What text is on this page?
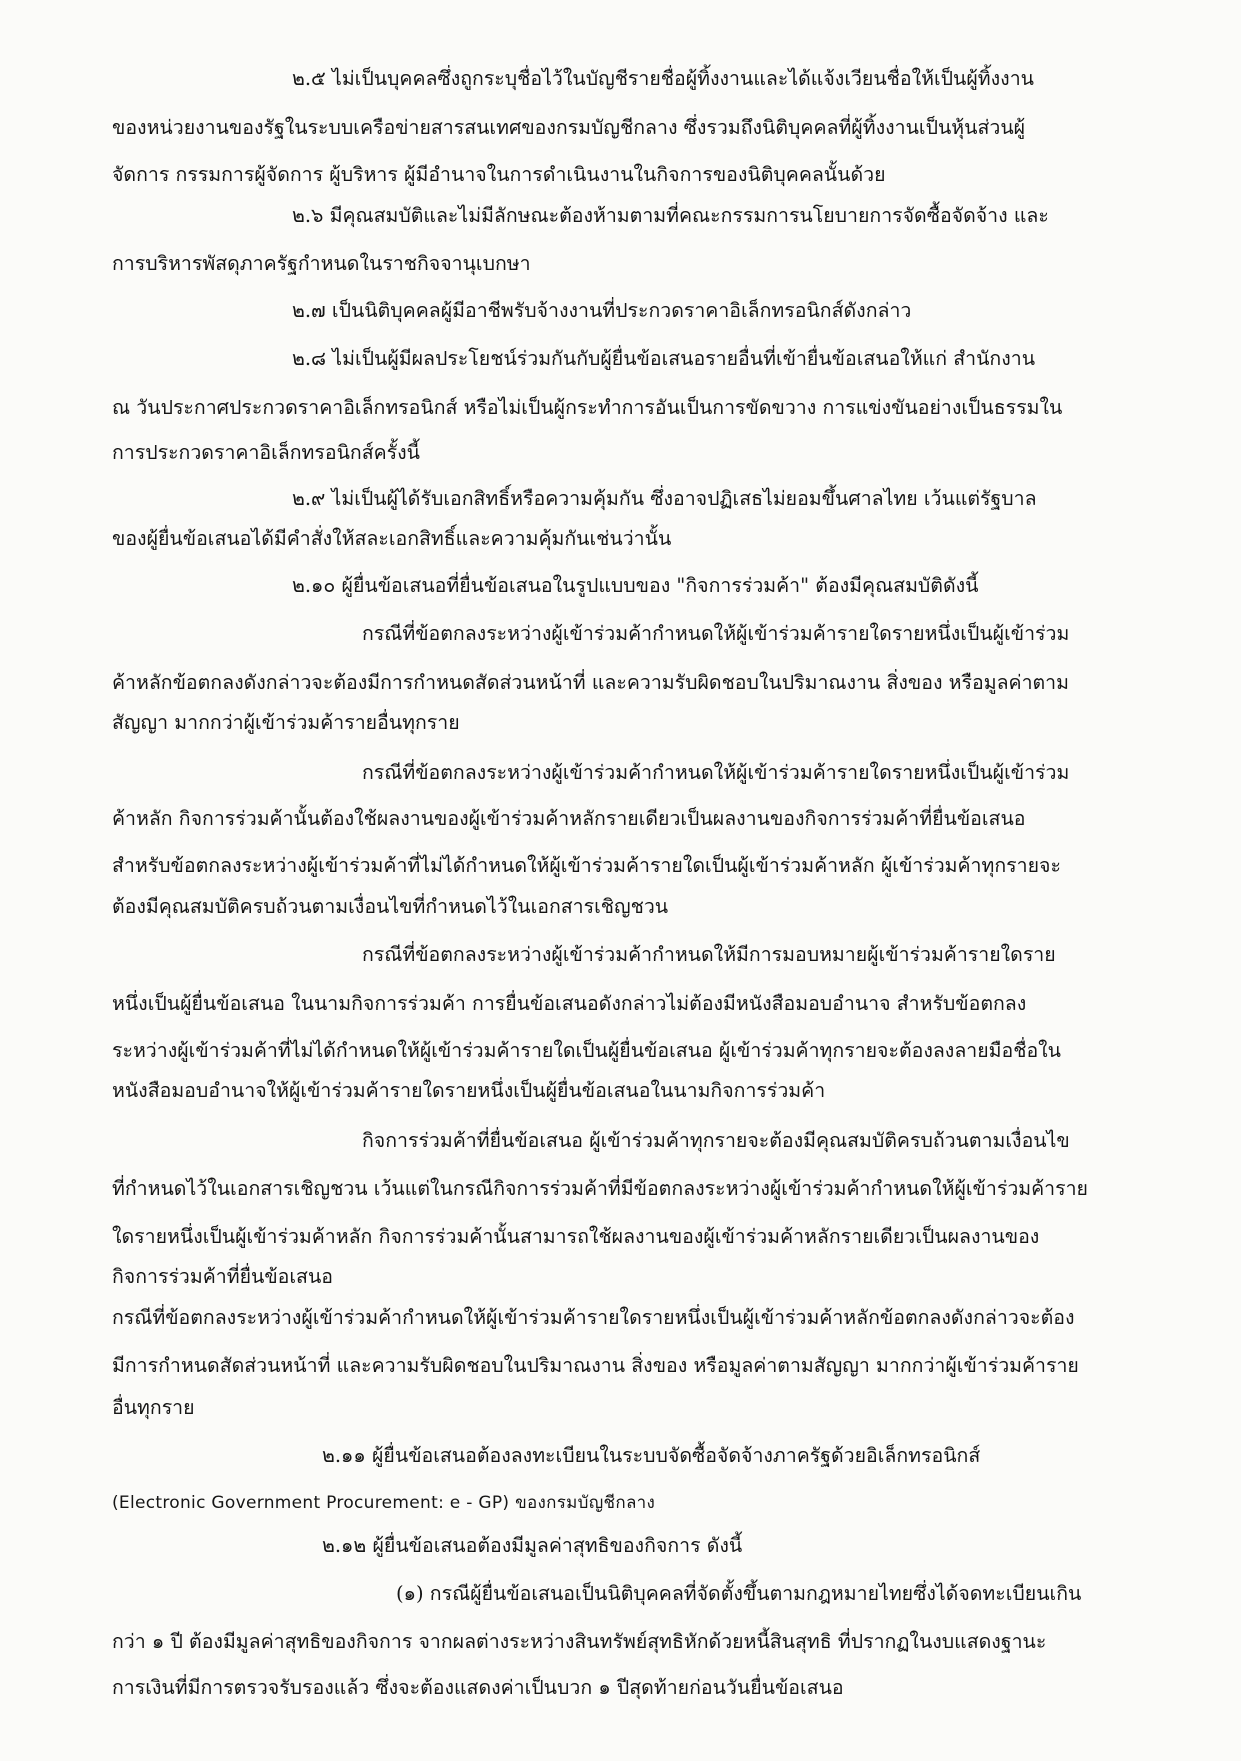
๒.๕ ไม่เป็นบุคคลซึ่งถูกระบุชื่อไว้ในบัญชีรายชื่อผู้ทิ้งงานและได้แจ้งเวียนชื่อให้เป็นผู้ทิ้งงาน
ของหน่วยงานของรัฐในระบบเครือข่ายสารสนเทศของกรมบัญชีกลาง ซึ่งรวมถึงนิติบุคคลที่ผู้ทิ้งงานเป็นหุ้นส่วนผู้
จัดการ กรรมการผู้จัดการ ผู้บริหาร ผู้มีอำนาจในการดำเนินงานในกิจการของนิติบุคคลนั้นด้วย
๒.๖ มีคุณสมบัติและไม่มีลักษณะต้องห้ามตามที่คณะกรรมการนโยบายการจัดซื้อจัดจ้าง และ
การบริหารพัสดุภาครัฐกำหนดในราชกิจจานุเบกษา
๒.๗ เป็นนิติบุคคลผู้มีอาชีพรับจ้างงานที่ประกวดราคาอิเล็กทรอนิกส์ดังกล่าว
๒.๘ ไม่เป็นผู้มีผลประโยชน์ร่วมกันกับผู้ยื่นข้อเสนอรายอื่นที่เข้ายื่นข้อเสนอให้แก่ สำนักงาน
ณ วันประกาศประกวดราคาอิเล็กทรอนิกส์ หรือไม่เป็นผู้กระทำการอันเป็นการขัดขวาง การแข่งขันอย่างเป็นธรรมใน
การประกวดราคาอิเล็กทรอนิกส์ครั้งนี้
๒.๙ ไม่เป็นผู้ได้รับเอกสิทธิ์หรือความคุ้มกัน ซึ่งอาจปฏิเสธไม่ยอมขึ้นศาลไทย เว้นแต่รัฐบาล
ของผู้ยื่นข้อเสนอได้มีคำสั่งให้สละเอกสิทธิ์และความคุ้มกันเช่นว่านั้น
๒.๑๐ ผู้ยื่นข้อเสนอที่ยื่นข้อเสนอในรูปแบบของ "กิจการร่วมค้า" ต้องมีคุณสมบัติดังนี้
กรณีที่ข้อตกลงระหว่างผู้เข้าร่วมค้ากำหนดให้ผู้เข้าร่วมค้ารายใดรายหนึ่งเป็นผู้เข้าร่วม
ค้าหลักข้อตกลงดังกล่าวจะต้องมีการกำหนดสัดส่วนหน้าที่ และความรับผิดชอบในปริมาณงาน สิ่งของ หรือมูลค่าตาม
สัญญา มากกว่าผู้เข้าร่วมค้ารายอื่นทุกราย
กรณีที่ข้อตกลงระหว่างผู้เข้าร่วมค้ากำหนดให้ผู้เข้าร่วมค้ารายใดรายหนึ่งเป็นผู้เข้าร่วม
ค้าหลัก กิจการร่วมค้านั้นต้องใช้ผลงานของผู้เข้าร่วมค้าหลักรายเดียวเป็นผลงานของกิจการร่วมค้าที่ยื่นข้อเสนอ
สำหรับข้อตกลงระหว่างผู้เข้าร่วมค้าที่ไม่ได้กำหนดให้ผู้เข้าร่วมค้ารายใดเป็นผู้เข้าร่วมค้าหลัก ผู้เข้าร่วมค้าทุกรายจะ
ต้องมีคุณสมบัติครบถ้วนตามเงื่อนไขที่กำหนดไว้ในเอกสารเชิญชวน
กรณีที่ข้อตกลงระหว่างผู้เข้าร่วมค้ากำหนดให้มีการมอบหมายผู้เข้าร่วมค้ารายใดราย
หนึ่งเป็นผู้ยื่นข้อเสนอ ในนามกิจการร่วมค้า การยื่นข้อเสนอดังกล่าวไม่ต้องมีหนังสือมอบอำนาจ สำหรับข้อตกลง
ระหว่างผู้เข้าร่วมค้าที่ไม่ได้กำหนดให้ผู้เข้าร่วมค้ารายใดเป็นผู้ยื่นข้อเสนอ ผู้เข้าร่วมค้าทุกรายจะต้องลงลายมือชื่อใน
หนังสือมอบอำนาจให้ผู้เข้าร่วมค้ารายใดรายหนึ่งเป็นผู้ยื่นข้อเสนอในนามกิจการร่วมค้า
กิจการร่วมค้าที่ยื่นข้อเสนอ ผู้เข้าร่วมค้าทุกรายจะต้องมีคุณสมบัติครบถ้วนตามเงื่อนไข
ที่กำหนดไว้ในเอกสารเชิญชวน เว้นแต่ในกรณีกิจการร่วมค้าที่มีข้อตกลงระหว่างผู้เข้าร่วมค้ากำหนดให้ผู้เข้าร่วมค้าราย
ใดรายหนึ่งเป็นผู้เข้าร่วมค้าหลัก กิจการร่วมค้านั้นสามารถใช้ผลงานของผู้เข้าร่วมค้าหลักรายเดียวเป็นผลงานของ
กิจการร่วมค้าที่ยื่นข้อเสนอ
กรณีที่ข้อตกลงระหว่างผู้เข้าร่วมค้ากำหนดให้ผู้เข้าร่วมค้ารายใดรายหนึ่งเป็นผู้เข้าร่วมค้าหลักข้อตกลงดังกล่าวจะต้อง
มีการกำหนดสัดส่วนหน้าที่ และความรับผิดชอบในปริมาณงาน สิ่งของ หรือมูลค่าตามสัญญา มากกว่าผู้เข้าร่วมค้าราย
อื่นทุกราย
๒.๑๑ ผู้ยื่นข้อเสนอต้องลงทะเบียนในระบบจัดซื้อจัดจ้างภาครัฐด้วยอิเล็กทรอนิกส์
(Electronic Government Procurement: e - GP) ของกรมบัญชีกลาง
๒.๑๒ ผู้ยื่นข้อเสนอต้องมีมูลค่าสุทธิของกิจการ ดังนี้
(๑) กรณีผู้ยื่นข้อเสนอเป็นนิติบุคคลที่จัดตั้งขึ้นตามกฎหมายไทยซึ่งได้จดทะเบียนเกิน
กว่า ๑ ปี ต้องมีมูลค่าสุทธิของกิจการ จากผลต่างระหว่างสินทรัพย์สุทธิหักด้วยหนี้สินสุทธิ ที่ปรากฏในงบแสดงฐานะ
การเงินที่มีการตรวจรับรองแล้ว ซึ่งจะต้องแสดงค่าเป็นบวก ๑ ปีสุดท้ายก่อนวันยื่นข้อเสนอ
